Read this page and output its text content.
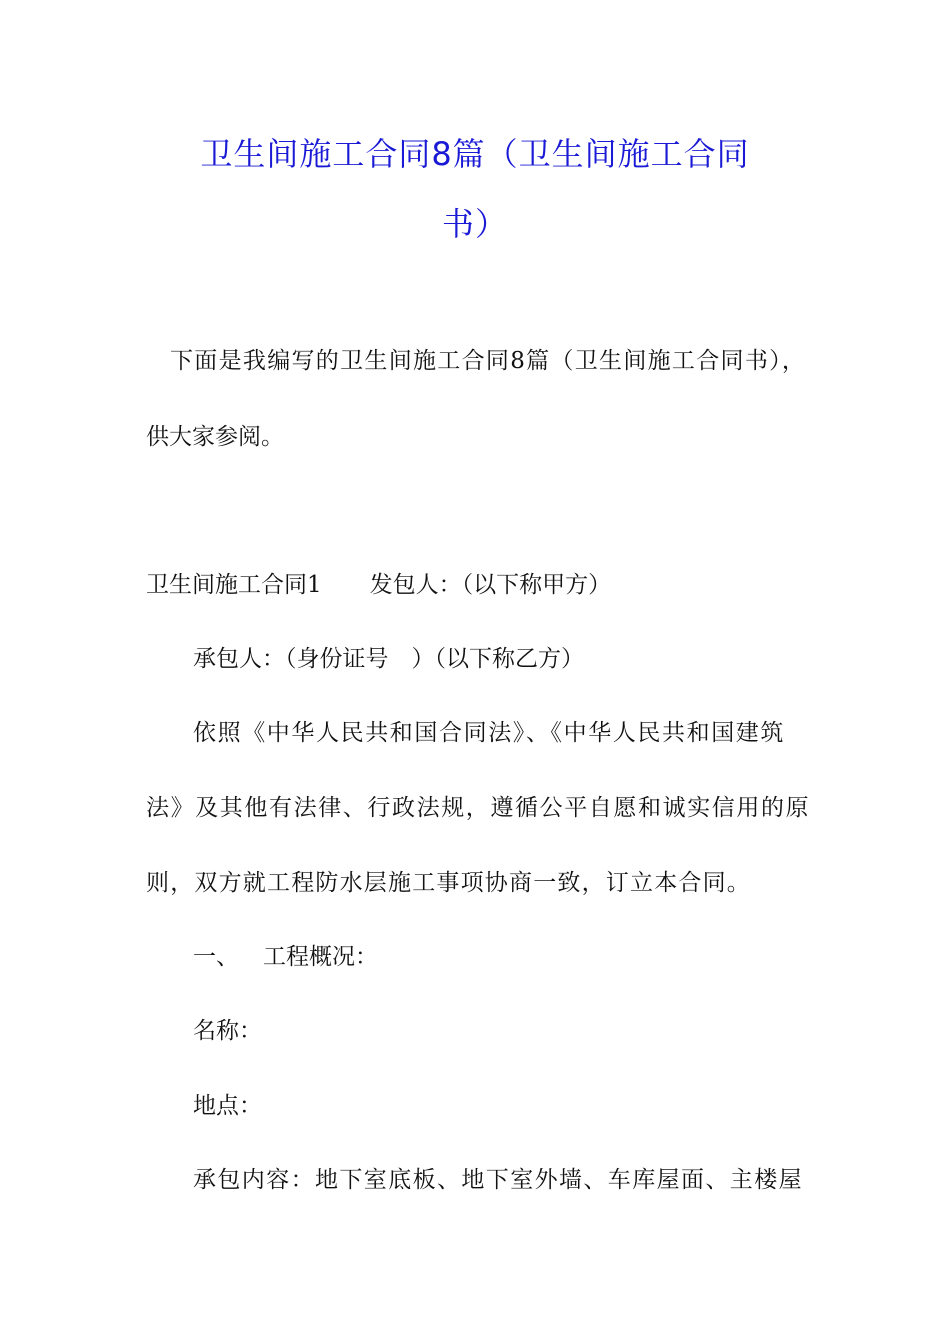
卫生间施工合同8篇（卫生间施工合同
书）
下面是我编写的卫生间施工合同8篇（卫生间施工合同书），
供大家参阅。
卫生间施工合同1 发包人：（以下称甲方）
承包人：（身份证号　）（以下称乙方）
依照《中华人民共和国合同法》、《中华人民共和国建筑
法》及其他有法律、行政法规，遵循公平自愿和诚实信用的原
则，双方就工程防水层施工事项协商一致，订立本合同。
一、 工程概况：
名称：
地点：
承包内容：地下室底板、地下室外墙、车库屋面、主楼屋
